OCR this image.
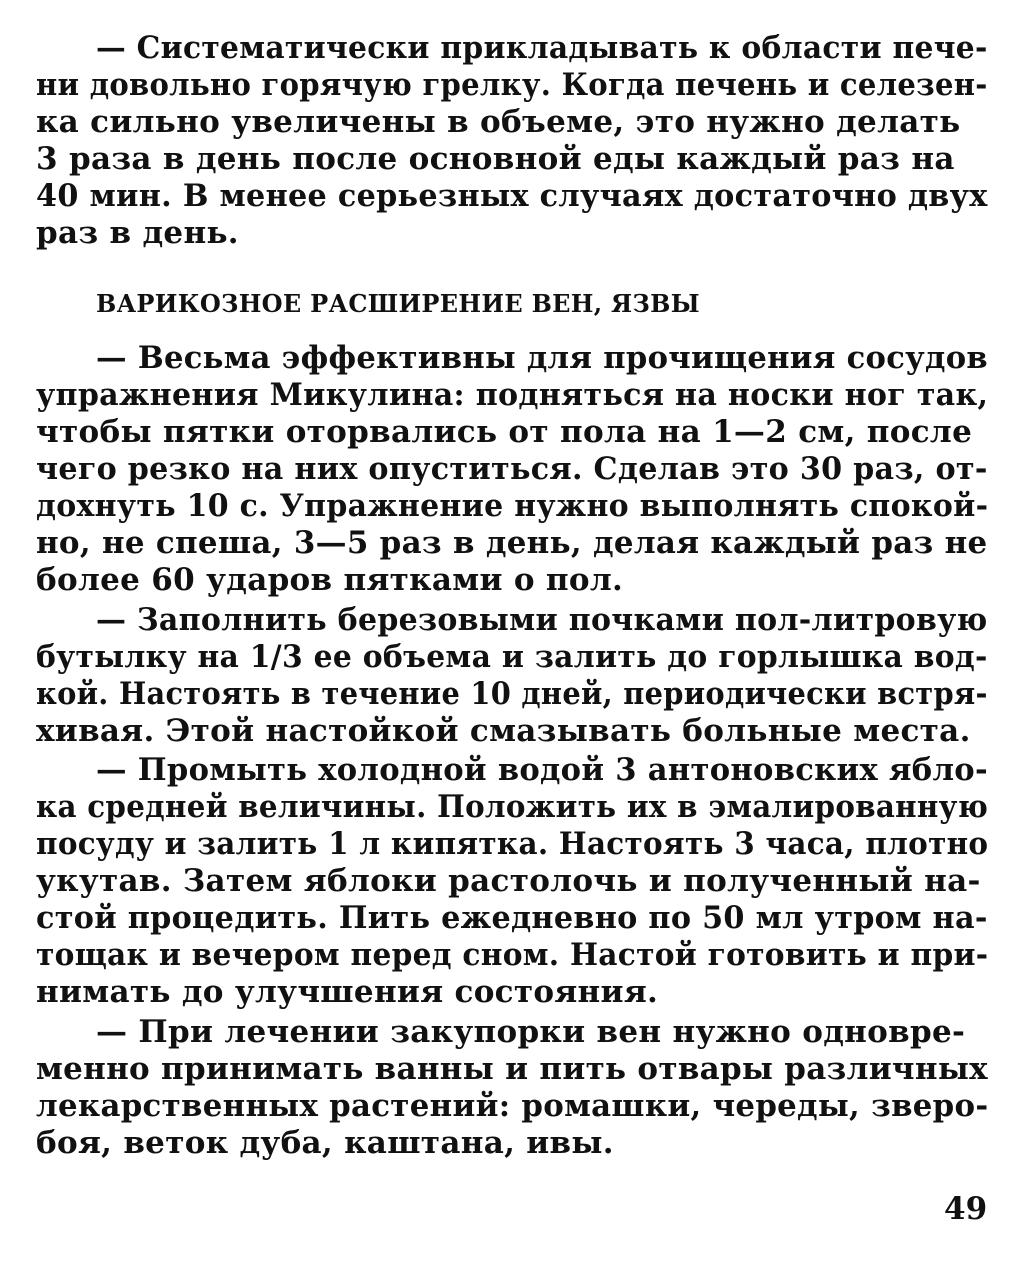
— Систематически прикладывать к области пече-
ни довольно горячую грелку. Когда печень и селезен-
ка сильно увеличены в объеме, это нужно делать
3 раза в день после основной еды каждый раз на
40 мин. В менее серьезных случаях достаточно двух
раз в день.
ВАРИКОЗНОЕ РАСШИРЕНИЕ ВЕН, ЯЗВЫ
— Весьма эффективны для прочищения сосудов
упражнения Микулина: подняться на носки ног так,
чтобы пятки оторвались от пола на 1—2 см, после
чего резко на них опуститься. Сделав это 30 раз, от-
дохнуть 10 с. Упражнение нужно выполнять спокой-
но, не спеша, 3—5 раз в день, делая каждый раз не
более 60 ударов пятками о пол.
— Заполнить березовыми почками пол-литровую
бутылку на 1/3 ее объема и залить до горлышка вод-
кой. Настоять в течение 10 дней, периодически встря-
хивая. Этой настойкой смазывать больные места.
— Промыть холодной водой 3 антоновских ябло-
ка средней величины. Положить их в эмалированную
посуду и залить 1 л кипятка. Настоять 3 часа, плотно
укутав. Затем яблоки растолочь и полученный на-
стой процедить. Пить ежедневно по 50 мл утром на-
тощак и вечером перед сном. Настой готовить и при-
нимать до улучшения состояния.
— При лечении закупорки вен нужно одновре-
менно принимать ванны и пить отвары различных
лекарственных растений: ромашки, череды, зверо-
боя, веток дуба, каштана, ивы.
49
